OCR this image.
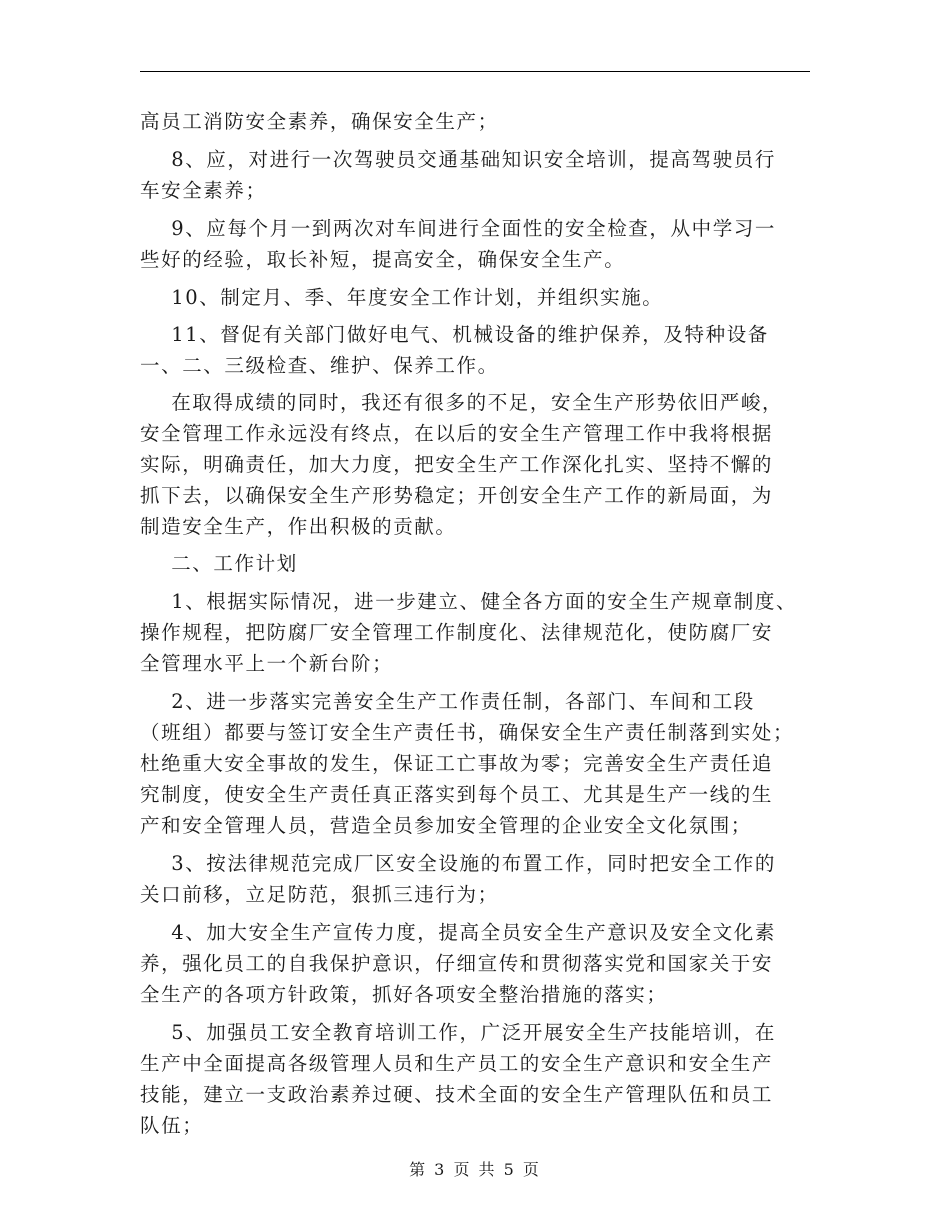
高员工消防安全素养，确保安全生产；
8、应，对进行一次驾驶员交通基础知识安全培训，提高驾驶员行
车安全素养；
9、应每个月一到两次对车间进行全面性的安全检查，从中学习一
些好的经验，取长补短，提高安全，确保安全生产。
10、制定月、季、年度安全工作计划，并组织实施。
11、督促有关部门做好电气、机械设备的维护保养，及特种设备
一、二、三级检查、维护、保养工作。
在取得成绩的同时，我还有很多的不足，安全生产形势依旧严峻，
安全管理工作永远没有终点，在以后的安全生产管理工作中我将根据
实际，明确责任，加大力度，把安全生产工作深化扎实、坚持不懈的
抓下去，以确保安全生产形势稳定；开创安全生产工作的新局面，为
制造安全生产，作出积极的贡献。
二、工作计划
1、根据实际情况，进一步建立、健全各方面的安全生产规章制度、
操作规程，把防腐厂安全管理工作制度化、法律规范化，使防腐厂安
全管理水平上一个新台阶；
2、进一步落实完善安全生产工作责任制，各部门、车间和工段
（班组）都要与签订安全生产责任书，确保安全生产责任制落到实处；
杜绝重大安全事故的发生，保证工亡事故为零；完善安全生产责任追
究制度，使安全生产责任真正落实到每个员工、尤其是生产一线的生
产和安全管理人员，营造全员参加安全管理的企业安全文化氛围；
3、按法律规范完成厂区安全设施的布置工作，同时把安全工作的
关口前移，立足防范，狠抓三违行为；
4、加大安全生产宣传力度，提高全员安全生产意识及安全文化素
养，强化员工的自我保护意识，仔细宣传和贯彻落实党和国家关于安
全生产的各项方针政策，抓好各项安全整治措施的落实；
5、加强员工安全教育培训工作，广泛开展安全生产技能培训，在
生产中全面提高各级管理人员和生产员工的安全生产意识和安全生产
技能，建立一支政治素养过硬、技术全面的安全生产管理队伍和员工
队伍；
第 3 页 共 5 页
